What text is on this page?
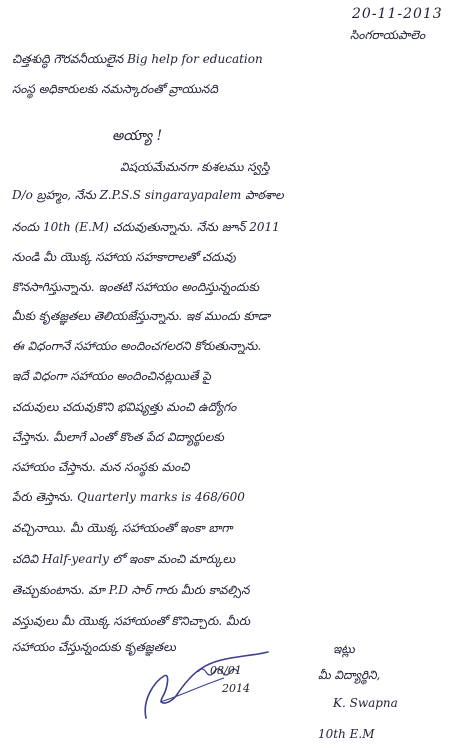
20-11-2013
సింగరాయపాలెం
చిత్తశుద్ధి గౌరవనీయులైన Big help for education
సంస్థ అధికారులకు నమస్కారంతో వ్రాయునది
అయ్యా !
విషయమేమనగా కుశలము స్వస్తి
D/o బ్రహ్మం, నేను Z.P.S.S singarayapalem పాఠశాల
నందు 10th (E.M) చదువుతున్నాను. నేను జూన్ 2011
నుండి మీ యొక్క సహాయ సహకారాలతో చదువు
కొనసాగిస్తున్నాను. ఇంతటి సహాయం అందిస్తున్నందుకు
మీకు కృతజ్ఞతలు తెలియజేస్తున్నాను. ఇక ముందు కూడా
ఈ విధంగానే సహాయం అందించగలరని కోరుతున్నాను.
ఇదే విధంగా సహాయం అందించినట్లయితే పై
చదువులు చదువుకొని భవిష్యత్తు మంచి ఉద్యోగం
చేస్తాను. మీలాగే ఎంతో కొంత పేద విద్యార్థులకు
సహాయం చేస్తాను. మన సంస్థకు మంచి
పేరు తెస్తాను. Quarterly marks is 468/600
వచ్చినాయి. మీ యొక్క సహాయంతో ఇంకా బాగా
చదివి Half-yearly లో ఇంకా మంచి మార్కులు
తెచ్చుకుంటాను. మా P.D సార్ గారు మీరు కావల్సిన
వస్తువులు మీ యొక్క సహాయంతో కొనిచ్చారు. మీరు
సహాయం చేస్తున్నందుకు కృతజ్ఞతలు
08/01
2014
ఇట్లు
మీ విద్యార్థిని,
K. Swapna
10th E.M
